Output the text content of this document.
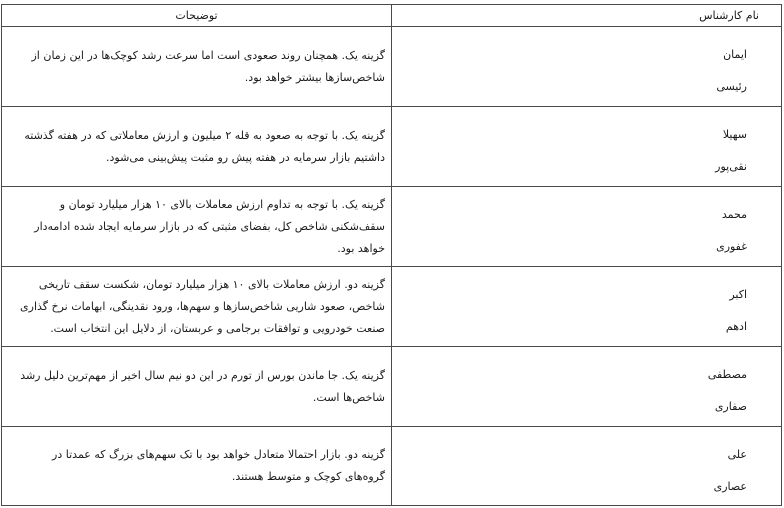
نام کارشناس	توضیحات

ایمان
رئیسی	گزینه یک. همچنان روند صعودی است اما سرعت رشد کوچک‌ها در این زمان از شاخص‌سازها بیشتر خواهد بود.

سهیلا
نقی‌پور	گزینه یک. با توجه به صعود به قله ۲ میلیون و ارزش معاملاتی که در هفته گذشته داشتیم بازار سرمایه در هفته پیش رو مثبت پیش‌بینی می‌شود.

محمد
غفوری	گزینه یک. با توجه به تداوم ارزش معاملات بالای ۱۰ هزار میلیارد تومان و سقف‌شکنی شاخص کل، بفضای مثبتی که در بازار سرمایه ایجاد شده ادامه‌دار خواهد بود.

اکبر
ادهم	گزینه دو. ارزش معاملات بالای ۱۰ هزار میلیارد تومان، شکست سقف تاریخی شاخص، صعود شاریی شاخص‌سازها و سهم‌ها، ورود نقدینگی، ابهامات نرخ گذاری صنعت خودرویی و توافقات برجامی و عربستان، از دلایل این انتخاب است.

مصطفی
صفاری	گزینه یک. جا ماندن بورس از تورم در این دو نیم سال اخیر از مهم‌ترین دلیل رشد شاخص‌ها است.

علی
عصاری	گزینه دو. بازار احتمالا متعادل خواهد بود با تک سهم‌های بزرگ که عمدتا در گروه‌های کوچک و متوسط هستند.
